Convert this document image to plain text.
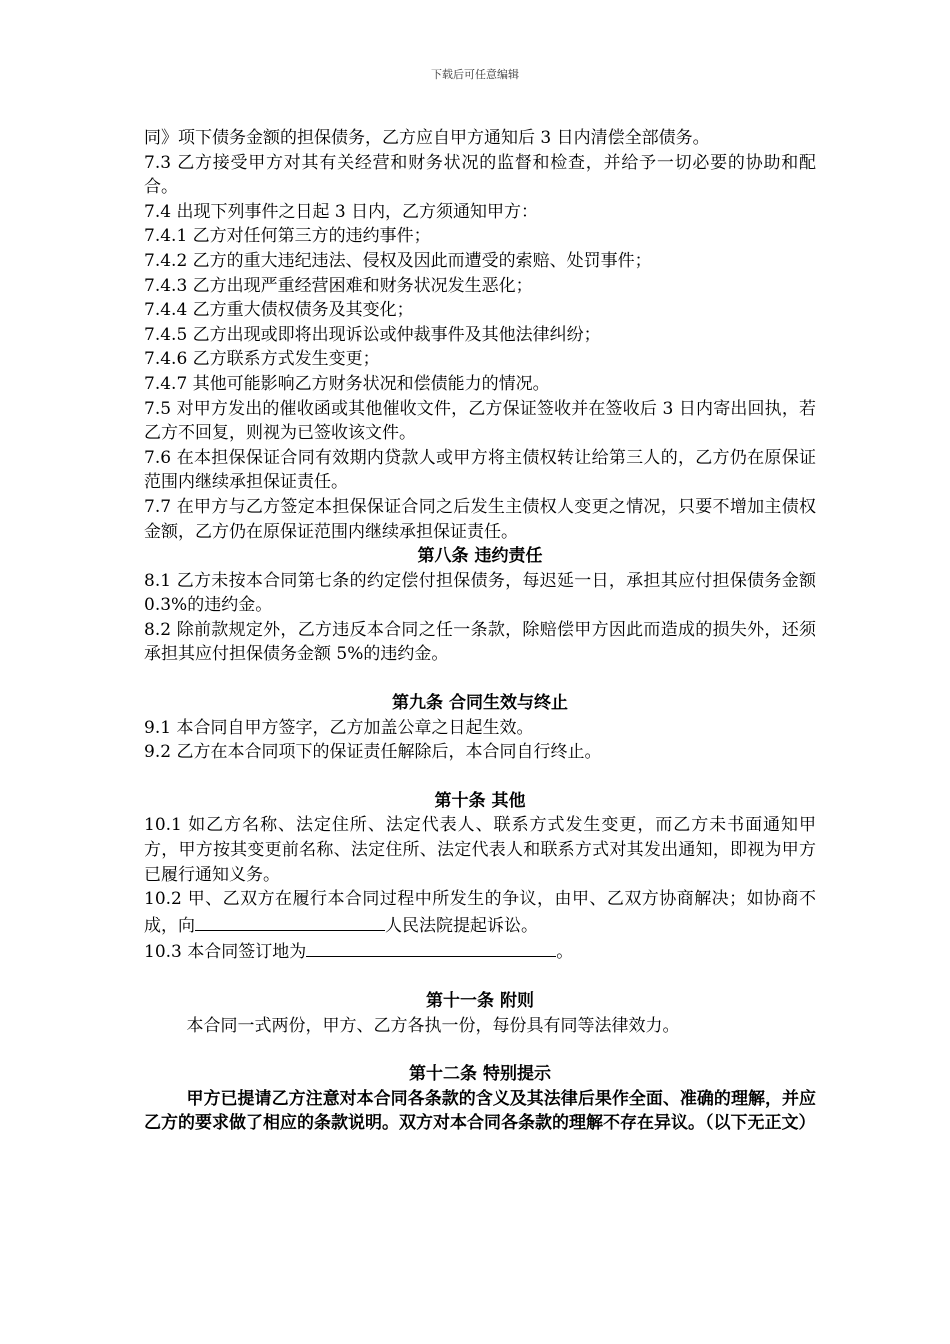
下载后可任意编辑

同》项下债务金额的担保债务，乙方应自甲方通知后 3 日内清偿全部债务。

7.3 乙方接受甲方对其有关经营和财务状况的监督和检查，并给予一切必要的协助和配合。

7.4 出现下列事件之日起 3 日内，乙方须通知甲方：

7.4.1 乙方对任何第三方的违约事件；

7.4.2 乙方的重大违纪违法、侵权及因此而遭受的索赔、处罚事件；

7.4.3 乙方出现严重经营困难和财务状况发生恶化；

7.4.4 乙方重大债权债务及其变化；

7.4.5 乙方出现或即将出现诉讼或仲裁事件及其他法律纠纷；

7.4.6 乙方联系方式发生变更；

7.4.7 其他可能影响乙方财务状况和偿债能力的情况。

7.5 对甲方发出的催收函或其他催收文件，乙方保证签收并在签收后 3 日内寄出回执，若乙方不回复，则视为已签收该文件。

7.6 在本担保保证合同有效期内贷款人或甲方将主债权转让给第三人的，乙方仍在原保证范围内继续承担保证责任。

7.7 在甲方与乙方签定本担保保证合同之后发生主债权人变更之情况，只要不增加主债权金额，乙方仍在原保证范围内继续承担保证责任。

第八条 违约责任

8.1 乙方未按本合同第七条的约定偿付担保债务，每迟延一日，承担其应付担保债务金额 0.3%的违约金。

8.2 除前款规定外，乙方违反本合同之任一条款，除赔偿甲方因此而造成的损失外，还须承担其应付担保债务金额 5%的违约金。

第九条 合同生效与终止

9.1 本合同自甲方签字，乙方加盖公章之日起生效。

9.2 乙方在本合同项下的保证责任解除后，本合同自行终止。

第十条 其他

10.1 如乙方名称、法定住所、法定代表人、联系方式发生变更，而乙方未书面通知甲方，甲方按其变更前名称、法定住所、法定代表人和联系方式对其发出通知，即视为甲方已履行通知义务。

10.2 甲、乙双方在履行本合同过程中所发生的争议，由甲、乙双方协商解决；如协商不成，向	人民法院提起诉讼。

10.3 本合同签订地为	。

第十一条 附则

本合同一式两份，甲方、乙方各执一份，每份具有同等法律效力。

第十二条 特别提示

甲方已提请乙方注意对本合同各条款的含义及其法律后果作全面、准确的理解，并应乙方的要求做了相应的条款说明。双方对本合同各条款的理解不存在异议。（以下无正文）
